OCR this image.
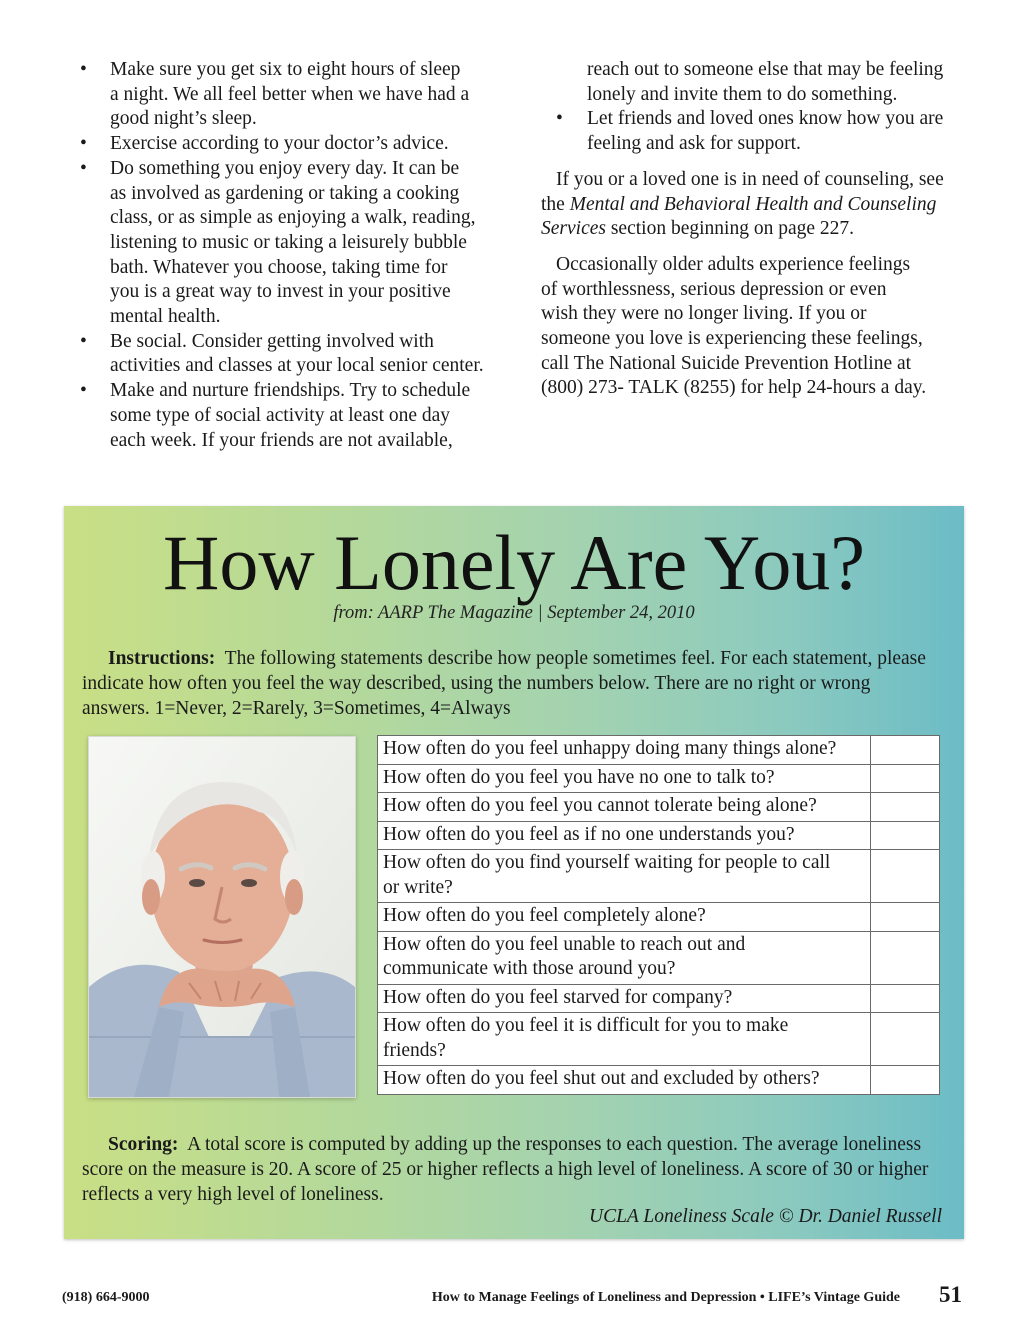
• Make sure you get six to eight hours of sleep
a night. We all feel better when we have had a
good night’s sleep.
• Exercise according to your doctor’s advice.
• Do something you enjoy every day. It can be
as involved as gardening or taking a cooking
class, or as simple as enjoying a walk, reading,
listening to music or taking a leisurely bubble
bath. Whatever you choose, taking time for
you is a great way to invest in your positive
mental health.
• Be social. Consider getting involved with
activities and classes at your local senior center.
• Make and nurture friendships. Try to schedule
some type of social activity at least one day
each week. If your friends are not available,
reach out to someone else that may be feeling
lonely and invite them to do something.
• Let friends and loved ones know how you are
feeling and ask for support.

If you or a loved one is in need of counseling, see
the Mental and Behavioral Health and Counseling
Services section beginning on page 227.

Occasionally older adults experience feelings
of worthlessness, serious depression or even
wish they were no longer living. If you or
someone you love is experiencing these feelings,
call The National Suicide Prevention Hotline at
(800) 273- TALK (8255) for help 24-hours a day.

How Lonely Are You?
from: AARP The Magazine | September 24, 2010

Instructions: The following statements describe how people sometimes feel. For each statement, please
indicate how often you feel the way described, using the numbers below. There are no right or wrong
answers. 1=Never, 2=Rarely, 3=Sometimes, 4=Always

How often do you feel unhappy doing many things alone?	
How often do you feel you have no one to talk to?	
How often do you feel you cannot tolerate being alone?	
How often do you feel as if no one understands you?	
How often do you find yourself waiting for people to call
or write?	
How often do you feel completely alone?	
How often do you feel unable to reach out and
communicate with those around you?	
How often do you feel starved for company?	
How often do you feel it is difficult for you to make
friends?	
How often do you feel shut out and excluded by others?	

Scoring: A total score is computed by adding up the responses to each question. The average loneliness
score on the measure is 20. A score of 25 or higher reflects a high level of loneliness. A score of 30 or higher
reflects a very high level of loneliness.

UCLA Loneliness Scale © Dr. Daniel Russell
(918) 664-9000	How to Manage Feelings of Loneliness and Depression • LIFE’s Vintage Guide 51
